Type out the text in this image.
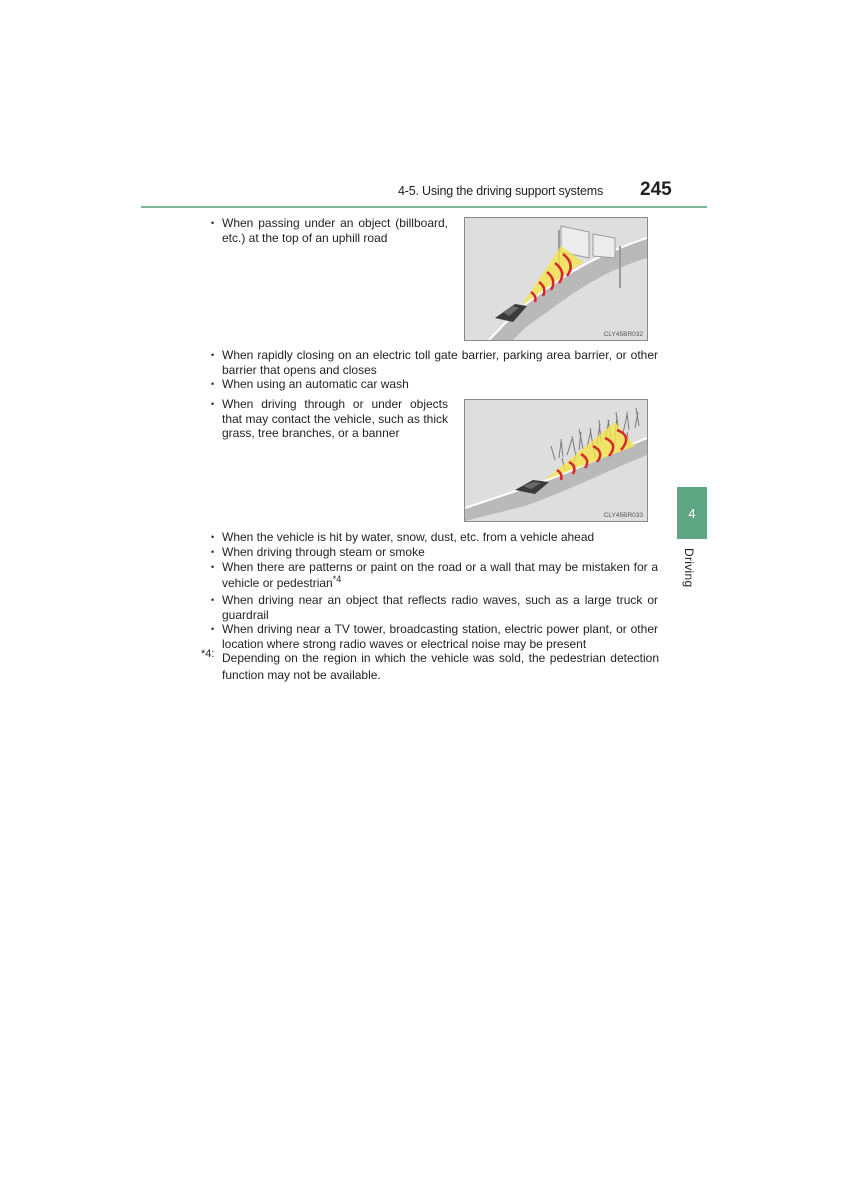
4-5. Using the driving support systems 245
4
Driving
• When passing under an object (billboard, etc.) at the top of an uphill road
CLY45BR032
• When rapidly closing on an electric toll gate barrier, parking area barrier, or other barrier that opens and closes
• When using an automatic car wash
• When driving through or under objects that may contact the vehicle, such as thick grass, tree branches, or a banner
CLY45BR033
• When the vehicle is hit by water, snow, dust, etc. from a vehicle ahead
• When driving through steam or smoke
• When there are patterns or paint on the road or a wall that may be mistaken for a vehicle or pedestrian$^{*4}$
• When driving near an object that reflects radio waves, such as a large truck or guardrail
• When driving near a TV tower, broadcasting station, electric power plant, or other location where strong radio waves or electrical noise may be present
*4: Depending on the region in which the vehicle was sold, the pedestrian detection function may not be available.
